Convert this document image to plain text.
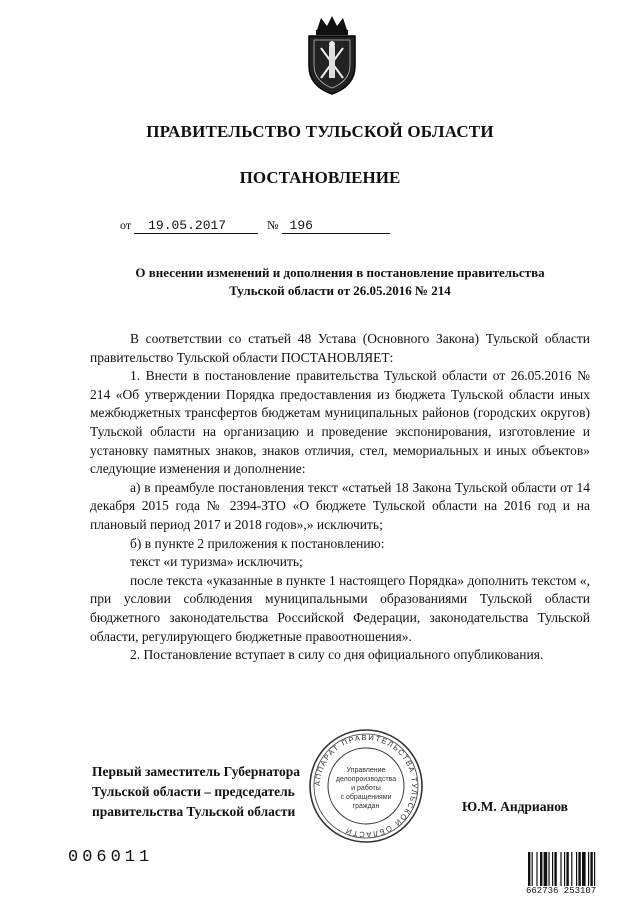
ПРАВИТЕЛЬСТВО ТУЛЬСКОЙ ОБЛАСТИ
ПОСТАНОВЛЕНИЕ
от 19.05.2017	№ 196
О внесении изменений и дополнения в постановление правительства
Тульской области от 26.05.2016 № 214

В соответствии со статьей 48 Устава (Основного Закона) Тульской области правительство Тульской области ПОСТАНОВЛЯЕТ:

1. Внести в постановление правительства Тульской области от 26.05.2016 № 214 «Об утверждении Порядка предоставления из бюджета Тульской области иных межбюджетных трансфертов бюджетам муниципальных районов (городских округов) Тульской области на организацию и проведение экспонирования, изготовление и установку памятных знаков, знаков отличия, стел, мемориальных и иных объектов» следующие изменения и дополнение:

а) в преамбуле постановления текст «статьей 18 Закона Тульской области от 14 декабря 2015 года № 2394-ЗТО «О бюджете Тульской области на 2016 год и на плановый период 2017 и 2018 годов»,» исключить;

б) в пункте 2 приложения к постановлению:

текст «и туризма» исключить;

после текста «указанные в пункте 1 настоящего Порядка» дополнить текстом «, при условии соблюдения муниципальными образованиями Тульской области бюджетного законодательства Российской Федерации, законодательства Тульской области, регулирующего бюджетные правоотношения».

2. Постановление вступает в силу со дня официального опубликования.

Первый заместитель Губернатора
Тульской области – председатель
правительства Тульской области
АППАРАТ ПРАВИТЕЛЬСТВА ТУЛЬСКОЙ ОБЛАСТИ
Управление
делопроизводства
и работы
с обращениями
граждан	Ю.М. Андрианов
006011
662736 253107
